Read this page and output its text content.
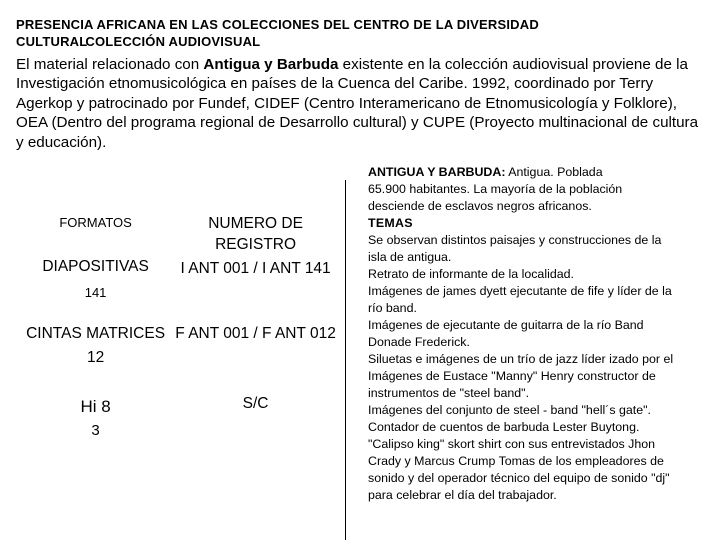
PRESENCIA AFRICANA EN LAS COLECCIONES DEL CENTRO DE LA DIVERSIDAD
CULTURALCOLECCIÓN AUDIOVISUAL
El material relacionado con Antigua y Barbuda existente en la colección audiovisual proviene de la Investigación etnomusicológica en países de la Cuenca del Caribe. 1992, coordinado por Terry Agerkop y patrocinado por Fundef, CIDEF (Centro Interamericano de Etnomusicología y Folklore), OEA (Dentro del programa regional de Desarrollo cultural) y CUPE (Proyecto multinacional de cultura y educación).
FORMATOS	NUMERO DE REGISTRO
DIAPOSITIVAS
141
I ANT 001 / I ANT 141
CINTAS MATRICES
12
F ANT 001 / F ANT 012
Hi 8
3
S/C
ANTIGUA Y BARBUDA: Antigua. Poblada
65.900 habitantes. La mayoría de la población
desciende de esclavos negros africanos.
TEMAS
Se observan distintos paisajes y construcciones de la
isla de antigua.
Retrato de informante de la localidad.
Imágenes de james dyett ejecutante de fife y líder de la
río band.
Imágenes de ejecutante de guitarra de la río Band
Donade Frederick.
Siluetas e imágenes de un trío de jazz líder izado por el
Imágenes de Eustace "Manny" Henry constructor de
instrumentos de "steel band".
Imágenes del conjunto de steel - band "hell´s gate".
Contador de cuentos de barbuda Lester Buytong.
"Calipso king" skort shirt con sus entrevistados Jhon
Crady y Marcus Crump Tomas de los empleadores de
sonido y del operador técnico del equipo de sonido "dj"
para celebrar el día del trabajador.
